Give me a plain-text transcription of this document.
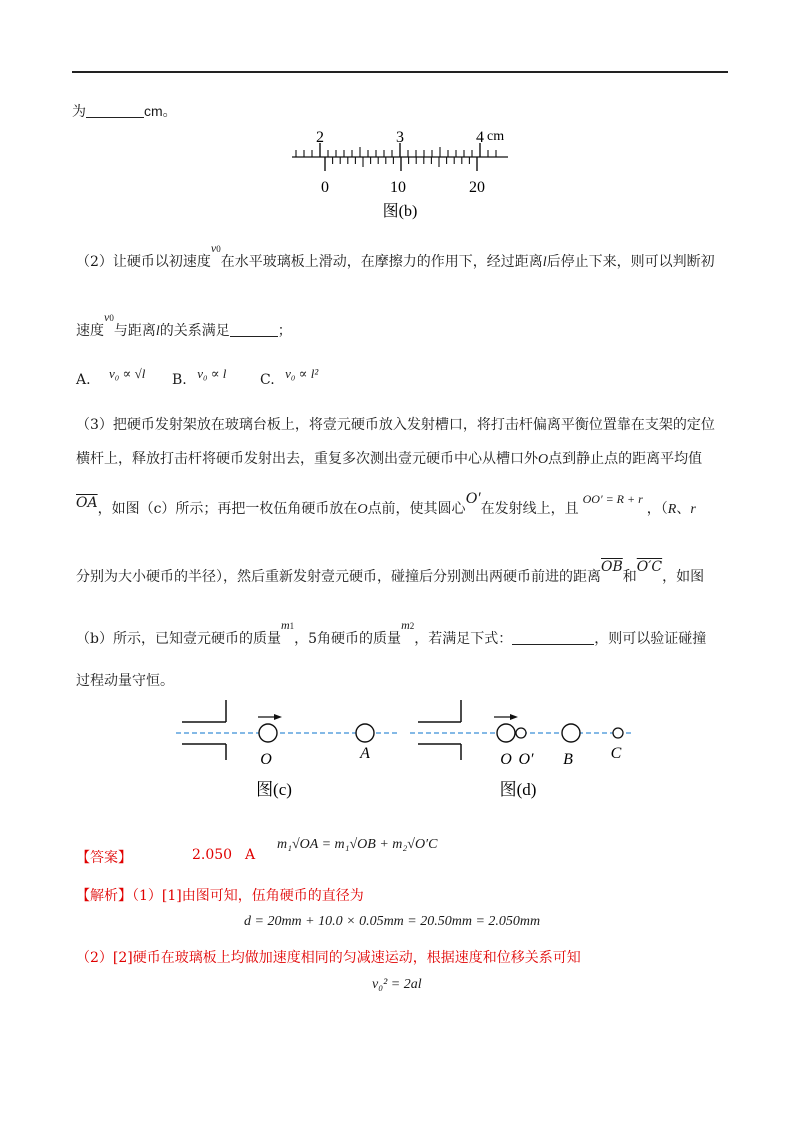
为	cm。
2	3	4 cm
0	10	20
图(b)
（2）让硬币以初速度v0在水平玻璃板上滑动，在摩擦力的作用下，经过距离l后停止下来，则可以判断初
速度v0与距离l的关系满足	；
A. v₀ ∝ √l B. v₀ ∝ l C. v₀ ∝ l²
（3）把硬币发射架放在玻璃台板上，将壹元硬币放入发射槽口，将打击杆偏离平衡位置靠在支架的定位
横杆上，释放打击杆将硬币发射出去，重复多次测出壹元硬币中心从槽口外O点到静止点的距离平均值
$\overline{OA}$，如图（c）所示；再把一枚伍角硬币放在O点前，使其圆心O′在发射线上，且OO′ = R + r，（R、r
分别为大小硬币的半径），然后重新发射壹元硬币，碰撞后分别测出两硬币前进的距离$\overline{OB}$和O′C，如图
（b）所示，已知壹元硬币的质量m1，5角硬币的质量m2，若满足下式：	，则可以验证碰撞
过程动量守恒。
O	A
图(c)
O O′ B C
图(d)
【答案】	2.050 A
m₁√OA = m₁√OB + m₂√O′C
【解析】（1）[1]由图可知，伍角硬币的直径为
d = 20mm + 10.0 × 0.05mm = 20.50mm = 2.050mm
（2）[2]硬币在玻璃板上均做加速度相同的匀减速运动，根据速度和位移关系可知
v₀² = 2al
